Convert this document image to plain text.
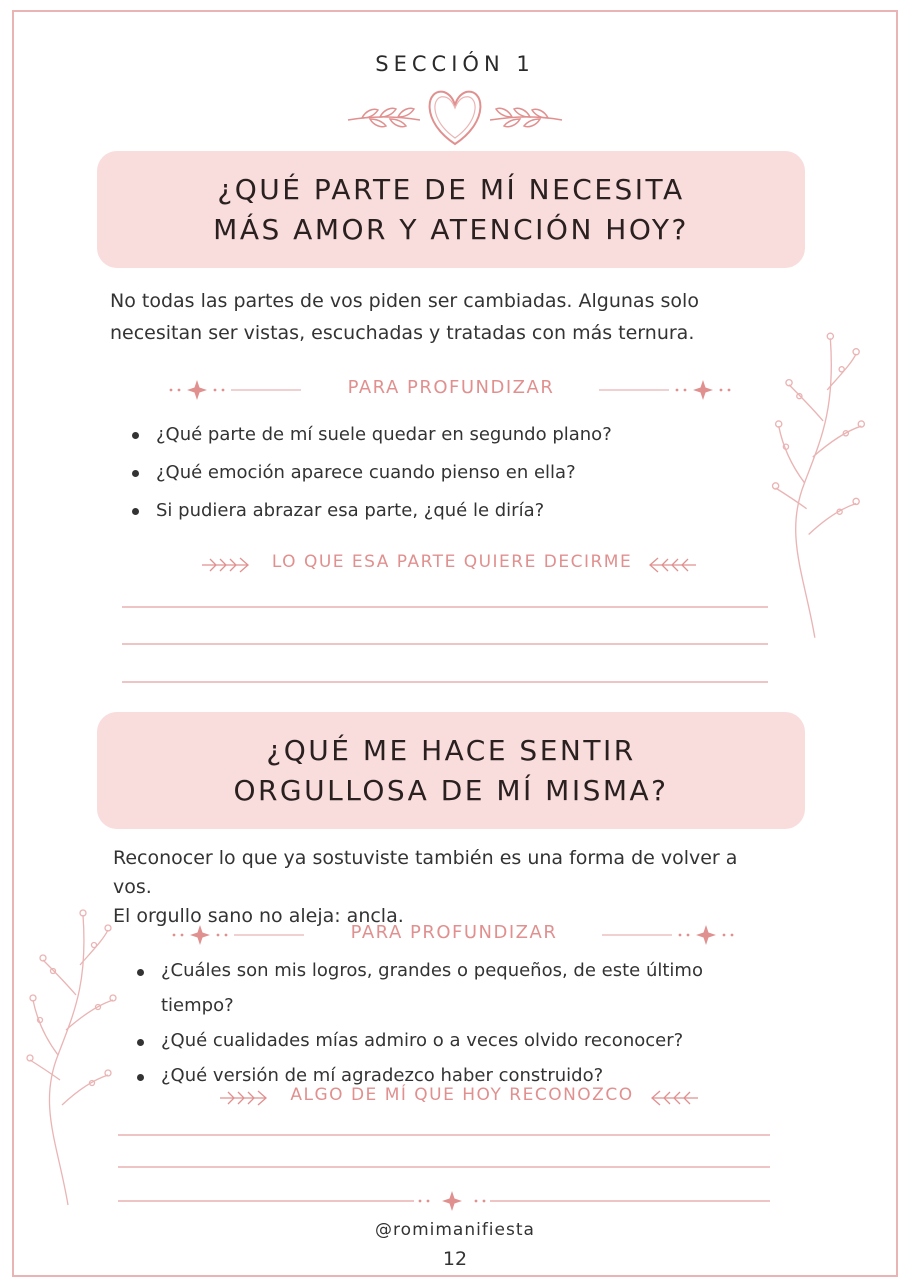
SECCIÓN 1
¿QUÉ PARTE DE MÍ NECESITA
MÁS AMOR Y ATENCIÓN HOY?
No todas las partes de vos piden ser cambiadas. Algunas solo
necesitan ser vistas, escuchadas y tratadas con más ternura.
PARA PROFUNDIZAR
¿Qué parte de mí suele quedar en segundo plano?
¿Qué emoción aparece cuando pienso en ella?
Si pudiera abrazar esa parte, ¿qué le diría?
LO QUE ESA PARTE QUIERE DECIRME
¿QUÉ ME HACE SENTIR
ORGULLOSA DE MÍ MISMA?
Reconocer lo que ya sostuviste también es una forma de volver a vos.
El orgullo sano no aleja: ancla.
PARA PROFUNDIZAR
¿Cuáles son mis logros, grandes o pequeños, de este último tiempo?
¿Qué cualidades mías admiro o a veces olvido reconocer?
¿Qué versión de mí agradezco haber construido?
ALGO DE MÍ QUE HOY RECONOZCO
@romimanifiesta
12
